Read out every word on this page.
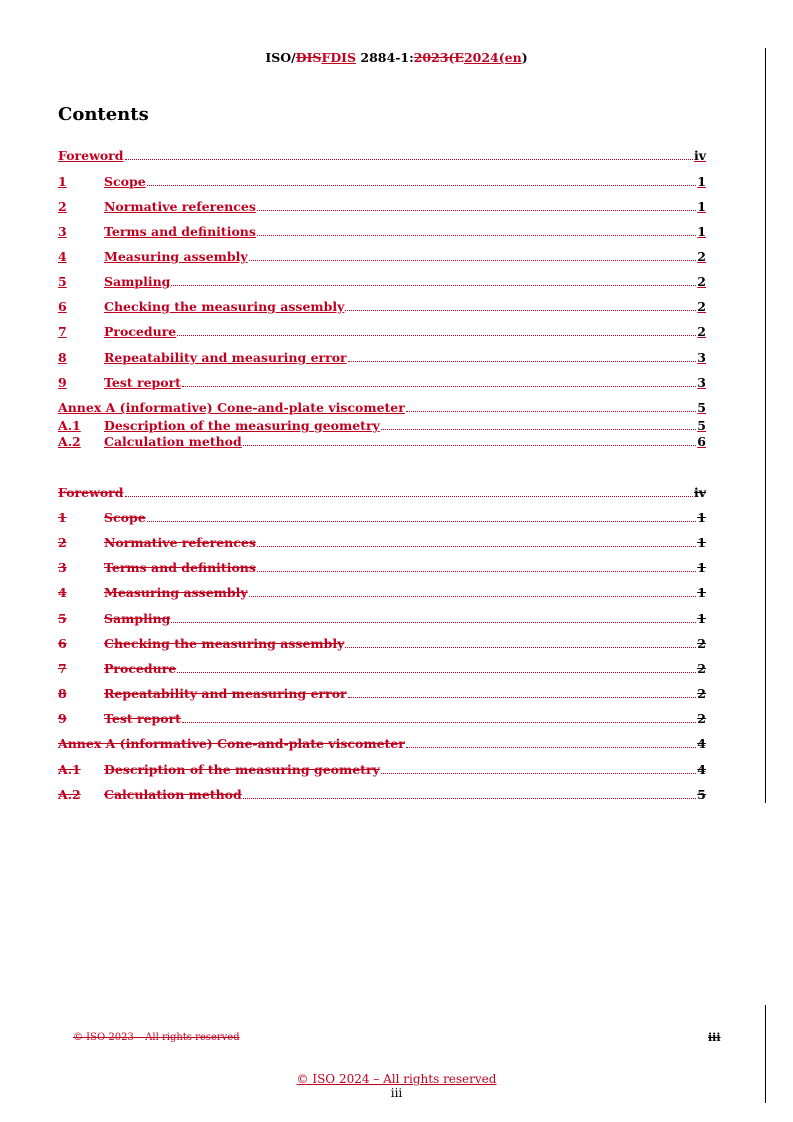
ISO/DISFDIS 2884-1:2023(E2024(en)
Contents
Foreword	iv
1	Scope	1
2	Normative references	1
3	Terms and definitions	1
4	Measuring assembly	2
5	Sampling	2
6	Checking the measuring assembly	2
7	Procedure	2
8	Repeatability and measuring error	3
9	Test report	3
Annex A (informative) Cone-and-plate viscometer	5
A.1	Description of the measuring geometry	5
A.2	Calculation method	6
Foreword	iv
1	Scope	1
2	Normative references	1
3	Terms and definitions	1
4	Measuring assembly	1
5	Sampling	1
6	Checking the measuring assembly	2
7	Procedure	2
8	Repeatability and measuring error	2
9	Test report	2
Annex A (informative) Cone-and-plate viscometer	4
A.1	Description of the measuring geometry	4
A.2	Calculation method	5
© ISO 2023 – All rights reserved	iii
© ISO 2024 – All rights reserved
iii
